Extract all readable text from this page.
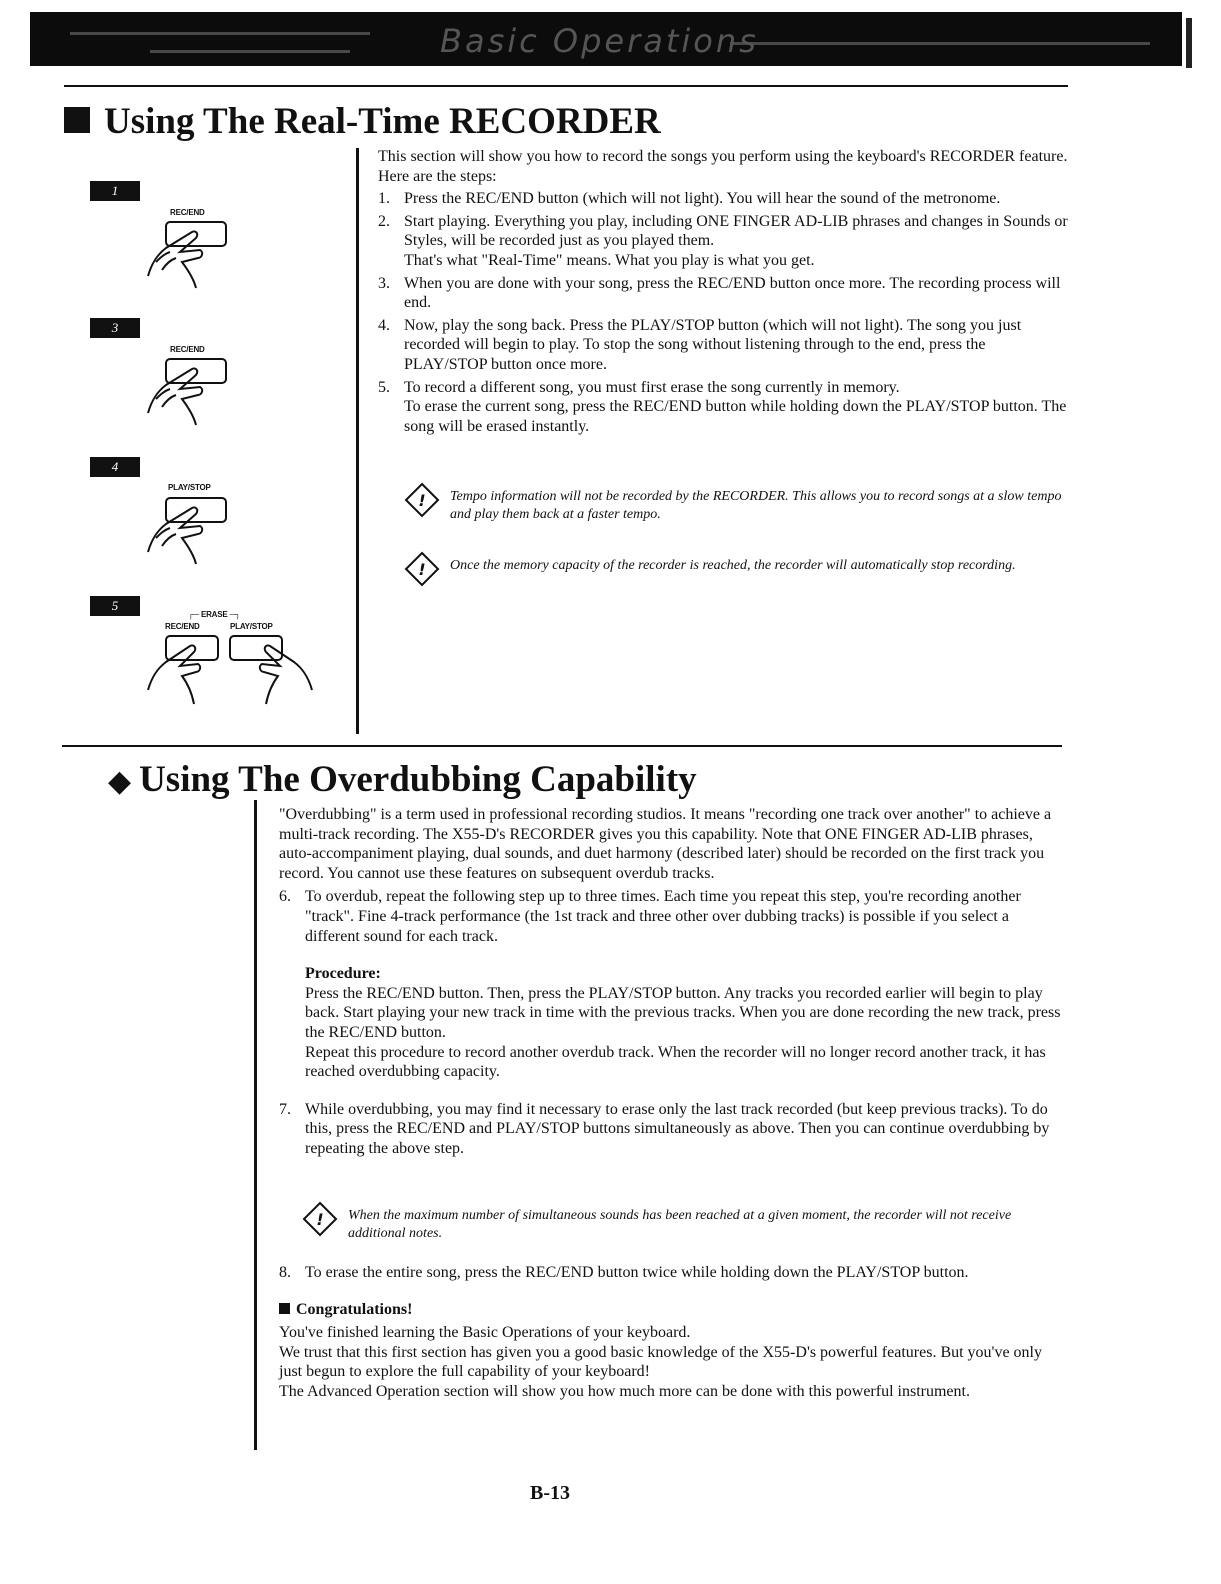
Basic Operations
Using The Real-Time RECORDER
1
REC/END
3
REC/END
4
PLAY/STOP
5
┌─ ERASE ─┐
REC/END	PLAY/STOP

This section will show you how to record the songs you perform using the keyboard's RECORDER feature. Here are the steps:

1. Press the REC/END button (which will not light). You will hear the sound of the metronome.
2. Start playing. Everything you play, including ONE FINGER AD-LIB phrases and changes in Sounds or Styles, will be recorded just as you played them.
That's what "Real-Time" means. What you play is what you get.
3. When you are done with your song, press the REC/END button once more. The recording process will end.
4. Now, play the song back. Press the PLAY/STOP button (which will not light). The song you just recorded will begin to play. To stop the song without listening through to the end, press the PLAY/STOP button once more.
5. To record a different song, you must first erase the song currently in memory.
To erase the current song, press the REC/END button while holding down the PLAY/STOP button. The song will be erased instantly.
! Tempo information will not be recorded by the RECORDER. This allows you to record songs at a slow tempo and play them back at a faster tempo.
! Once the memory capacity of the recorder is reached, the recorder will automatically stop recording.
◆ Using The Overdubbing Capability

"Overdubbing" is a term used in professional recording studios. It means "recording one track over another" to achieve a multi-track recording. The X55-D's RECORDER gives you this capability. Note that ONE FINGER AD-LIB phrases, auto-accompaniment playing, dual sounds, and duet harmony (described later) should be recorded on the first track you record. You cannot use these features on subsequent overdub tracks.

6. To overdub, repeat the following step up to three times. Each time you repeat this step, you're recording another "track". Fine 4-track performance (the 1st track and three other over dubbing tracks) is possible if you select a different sound for each track.

Procedure:

Press the REC/END button. Then, press the PLAY/STOP button. Any tracks you recorded earlier will begin to play back. Start playing your new track in time with the previous tracks. When you are done recording the new track, press the REC/END button.

Repeat this procedure to record another overdub track. When the recorder will no longer record another track, it has reached overdubbing capacity.

7. While overdubbing, you may find it necessary to erase only the last track recorded (but keep previous tracks). To do this, press the REC/END and PLAY/STOP buttons simultaneously as above. Then you can continue overdubbing by repeating the above step.
! When the maximum number of simultaneous sounds has been reached at a given moment, the recorder will not receive additional notes.
8. To erase the entire song, press the REC/END button twice while holding down the PLAY/STOP button.

Congratulations!

You've finished learning the Basic Operations of your keyboard.

We trust that this first section has given you a good basic knowledge of the X55-D's powerful features. But you've only just begun to explore the full capability of your keyboard!

The Advanced Operation section will show you how much more can be done with this powerful instrument.

B-13
